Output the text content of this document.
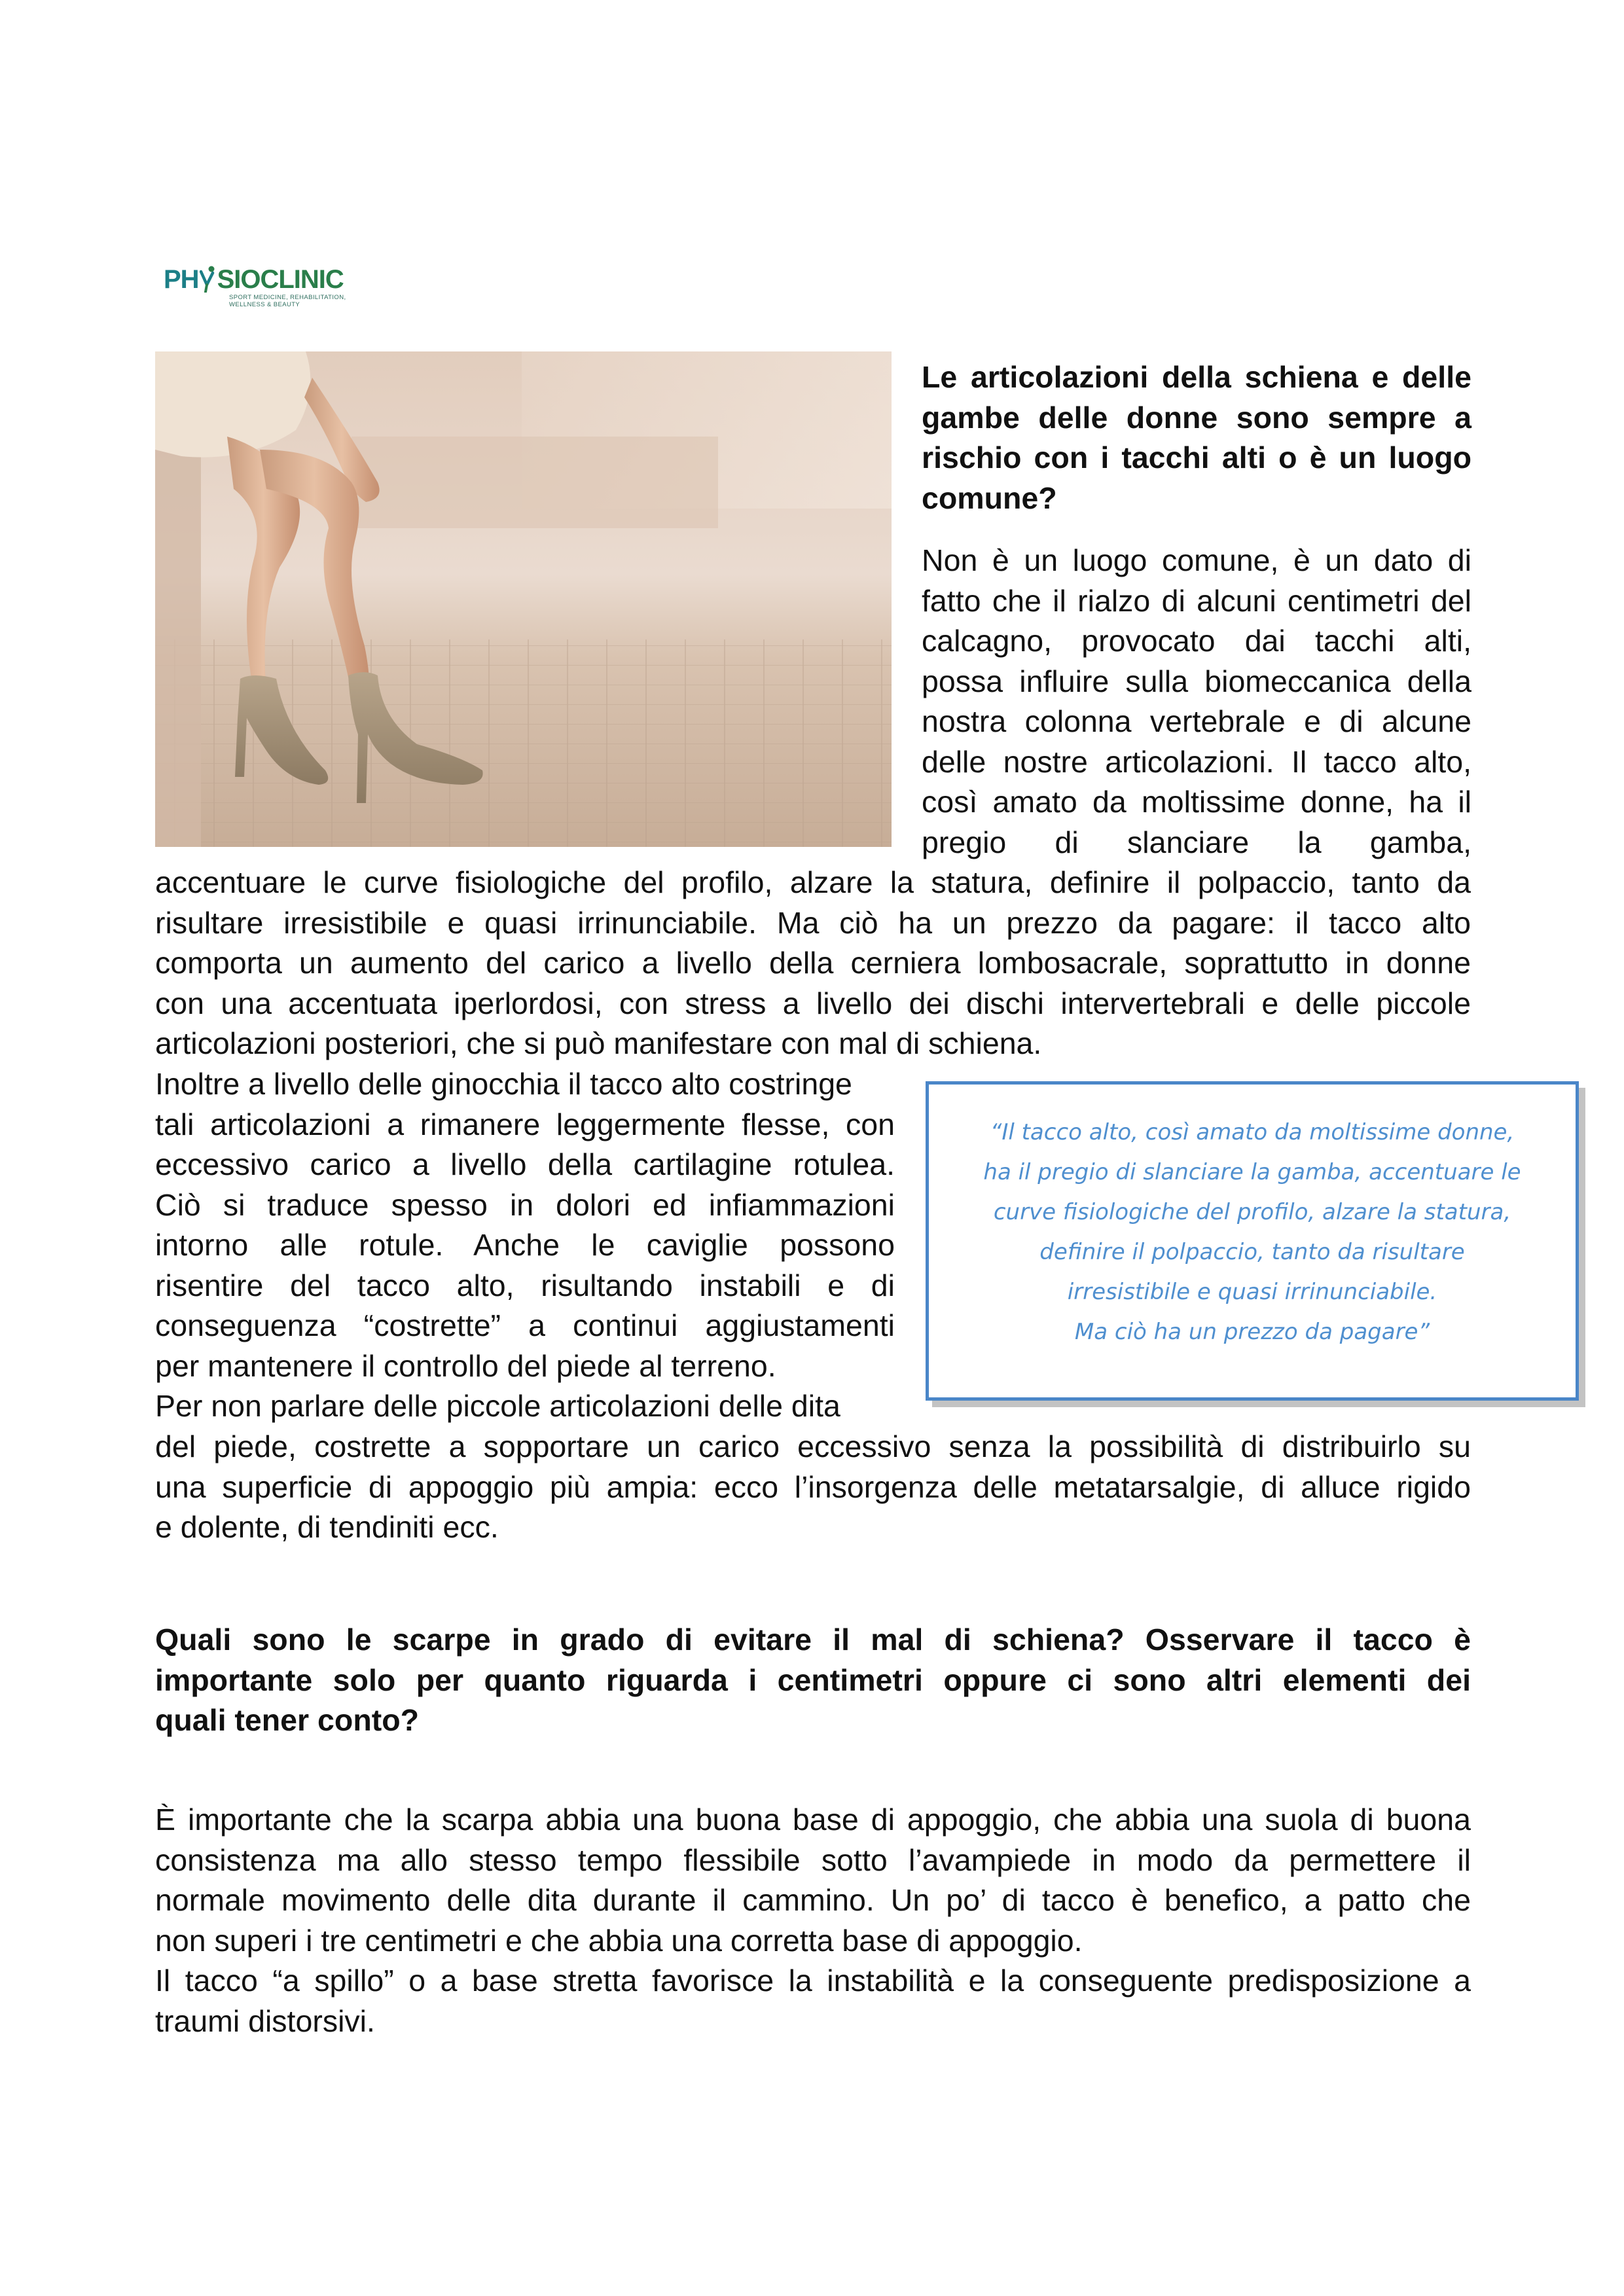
PH SIOCLINIC
SPORT MEDICINE, REHABILITATION,
WELLNESS & BEAUTY
Le articolazioni della schiena e delle
gambe delle donne sono sempre a
rischio con i tacchi alti o è un luogo
comune?
Non è un luogo comune, è un dato di
fatto che il rialzo di alcuni centimetri del
calcagno, provocato dai tacchi alti,
possa influire sulla biomeccanica della
nostra colonna vertebrale e di alcune
delle nostre articolazioni. Il tacco alto,
così amato da moltissime donne, ha il
pregio di slanciare la gamba,
accentuare le curve fisiologiche del profilo, alzare la statura, definire il polpaccio, tanto da
risultare irresistibile e quasi irrinunciabile. Ma ciò ha un prezzo da pagare: il tacco alto
comporta un aumento del carico a livello della cerniera lombosacrale, soprattutto in donne
con una accentuata iperlordosi, con stress a livello dei dischi intervertebrali e delle piccole
articolazioni posteriori, che si può manifestare con mal di schiena.
Inoltre a livello delle ginocchia il tacco alto costringe
tali articolazioni a rimanere leggermente flesse, con
eccessivo carico a livello della cartilagine rotulea.
Ciò si traduce spesso in dolori ed infiammazioni
intorno alle rotule. Anche le caviglie possono
risentire del tacco alto, risultando instabili e di
conseguenza “costrette” a continui aggiustamenti
per mantenere il controllo del piede al terreno.
Per non parlare delle piccole articolazioni delle dita
del piede, costrette a sopportare un carico eccessivo senza la possibilità di distribuirlo su
una superficie di appoggio più ampia: ecco l’insorgenza delle metatarsalgie, di alluce rigido
e dolente, di tendiniti ecc.
“Il tacco alto, così amato da moltissime donne,
ha il pregio di slanciare la gamba, accentuare le
curve fisiologiche del profilo, alzare la statura,
definire il polpaccio, tanto da risultare
irresistibile e quasi irrinunciabile.
Ma ciò ha un prezzo da pagare”
Quali sono le scarpe in grado di evitare il mal di schiena? Osservare il tacco è
importante solo per quanto riguarda i centimetri oppure ci sono altri elementi dei
quali tener conto?
È importante che la scarpa abbia una buona base di appoggio, che abbia una suola di buona
consistenza ma allo stesso tempo flessibile sotto l’avampiede in modo da permettere il
normale movimento delle dita durante il cammino. Un po’ di tacco è benefico, a patto che
non superi i tre centimetri e che abbia una corretta base di appoggio.
Il tacco “a spillo” o a base stretta favorisce la instabilità e la conseguente predisposizione a
traumi distorsivi.
